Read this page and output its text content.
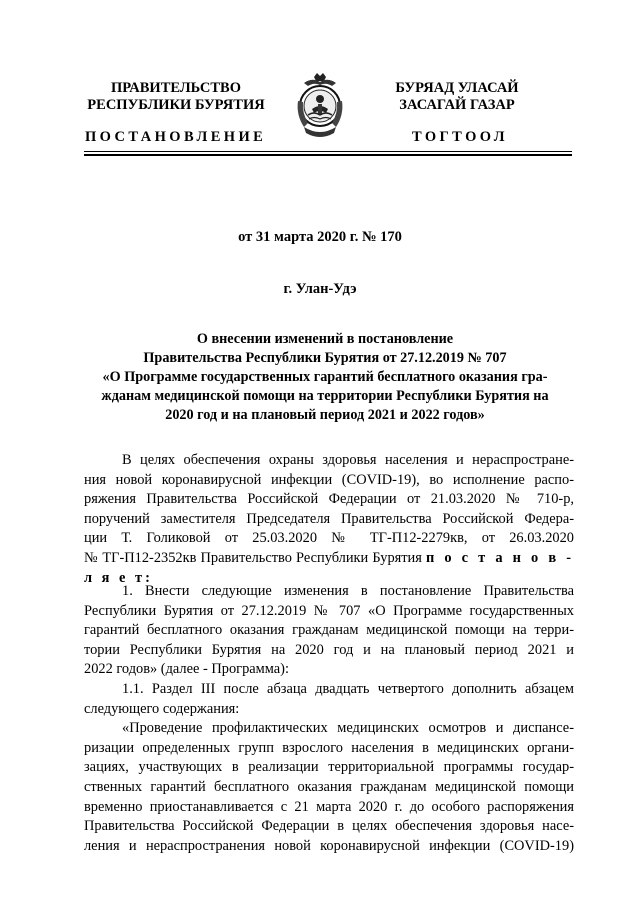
ПРАВИТЕЛЬСТВО
РЕСПУБЛИКИ БУРЯТИЯ
БУРЯАД УЛАСАЙ
ЗАСАГАЙ ГАЗАР
ПОСТАНОВЛЕНИЕ	ТОГТООЛ
от 31 марта 2020 г. № 170
г. Улан-Удэ
О внесении изменений в постановление
Правительства Республики Бурятия от 27.12.2019 № 707
«О Программе государственных гарантий бесплатного оказания гра-
жданам медицинской помощи на территории Республики Бурятия на
2020 год и на плановый период 2021 и 2022 годов»
В целях обеспечения охраны здоровья населения и нераспростране-
ния новой коронавирусной инфекции (COVID-19), во исполнение распо-
ряжения Правительства Российской Федерации от 21.03.2020 № 710-р,
поручений заместителя Председателя Правительства Российской Федера-
ции Т. Голиковой от 25.03.2020 № ТГ-П12-2279кв, от 26.03.2020
№ ТГ-П12-2352кв Правительство Республики Бурятия п о с т а н о в -
л я е т:
1. Внести следующие изменения в постановление Правительства
Республики Бурятия от 27.12.2019 № 707 «О Программе государственных
гарантий бесплатного оказания гражданам медицинской помощи на терри-
тории Республики Бурятия на 2020 год и на плановый период 2021 и
2022 годов» (далее - Программа):
1.1. Раздел III после абзаца двадцать четвертого дополнить абзацем
следующего содержания:
«Проведение профилактических медицинских осмотров и диспансе-
ризации определенных групп взрослого населения в медицинских органи-
зациях, участвующих в реализации территориальной программы государ-
ственных гарантий бесплатного оказания гражданам медицинской помощи
временно приостанавливается с 21 марта 2020 г. до особого распоряжения
Правительства Российской Федерации в целях обеспечения здоровья насе-
ления и нераспространения новой коронавирусной инфекции (COVID-19)
